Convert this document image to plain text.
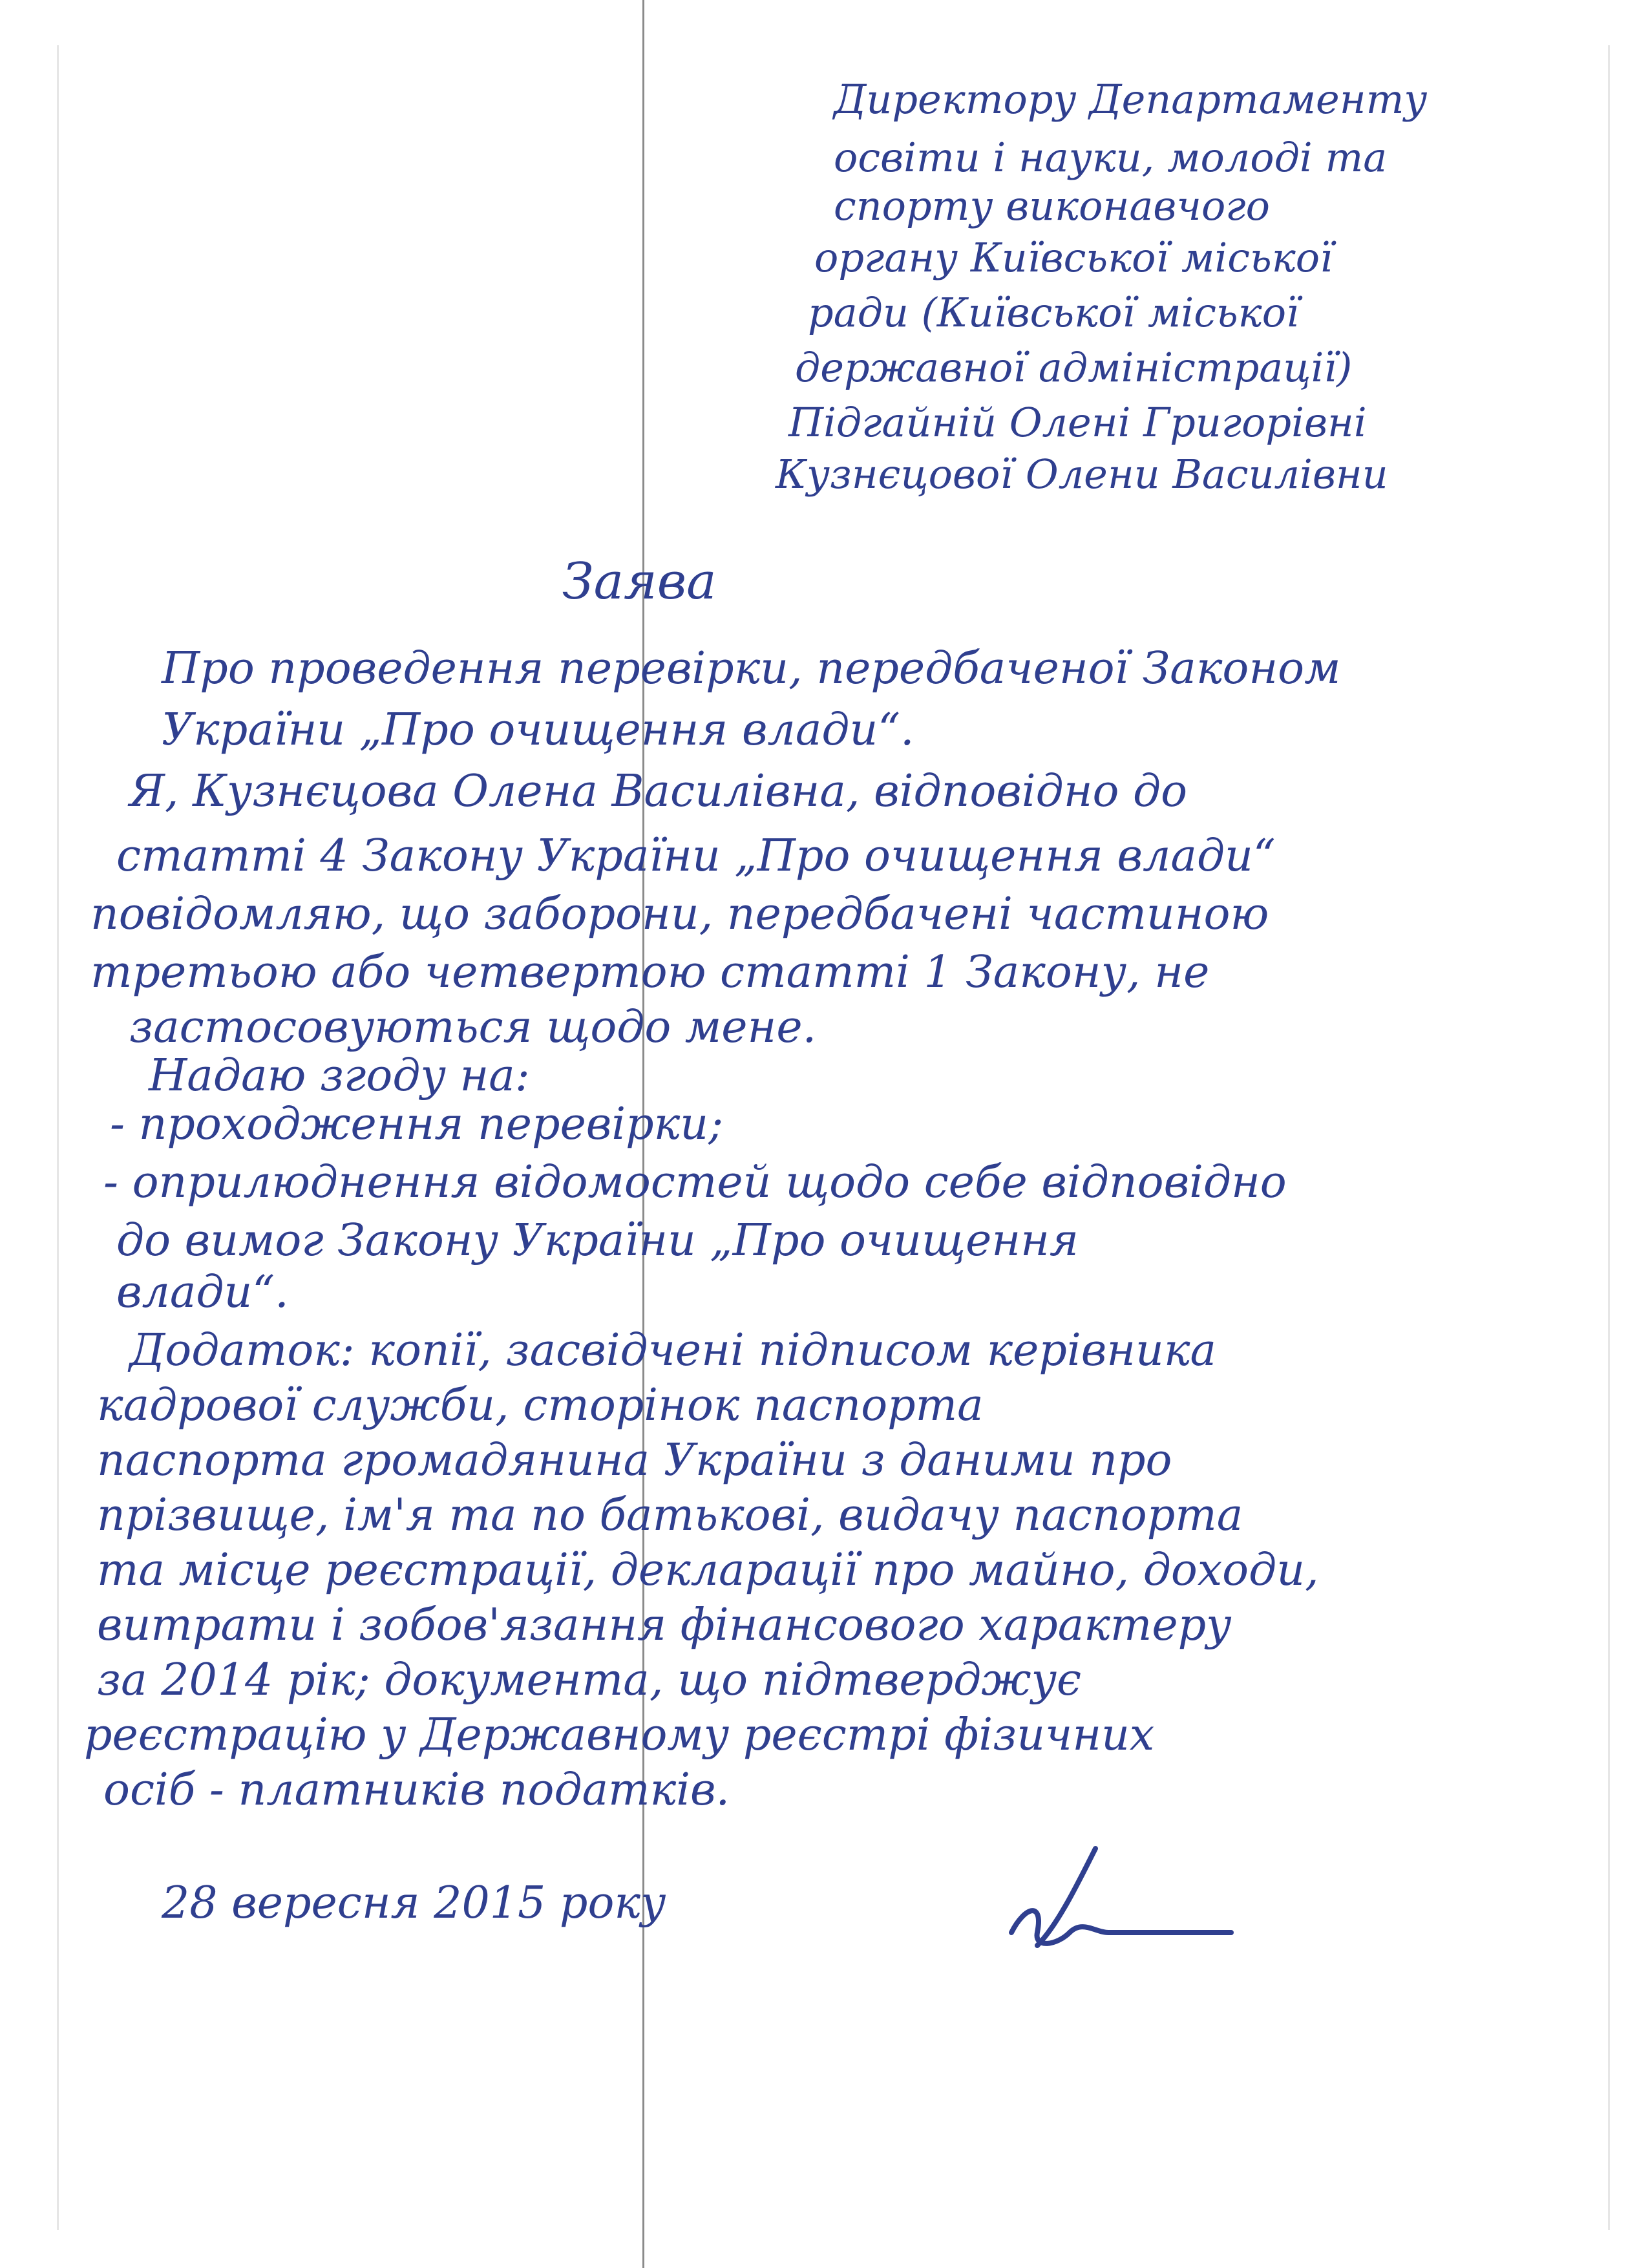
Директору Департаменту

освіти і науки, молоді та

спорту виконавчого

органу Київської міської

ради (Київської міської

державної адміністрації)

Підгайній Олені Григорівні

Кузнєцової Олени Василівни

Заява

Про проведення перевірки, передбаченої Законом

України „Про очищення влади“.

Я, Кузнєцова Олена Василівна, відповідно до

статті 4 Закону України „Про очищення влади“

повідомляю, що заборони, передбачені частиною

третьою або четвертою статті 1 Закону, не

застосовуються щодо мене.

Надаю згоду на:

- проходження перевірки;

- оприлюднення відомостей щодо себе відповідно

до вимог Закону України „Про очищення

влади“.

Додаток: копії, засвідчені підписом керівника

кадрової служби, сторінок паспорта

паспорта громадянина України з даними про

прізвище, ім'я та по батькові, видачу паспорта

та місце реєстрації, декларації про майно, доходи,

витрати і зобов'язання фінансового характеру

за 2014 рік; документа, що підтверджує

реєстрацію у Державному реєстрі фізичних

осіб - платників податків.

28 вересня 2015 року
